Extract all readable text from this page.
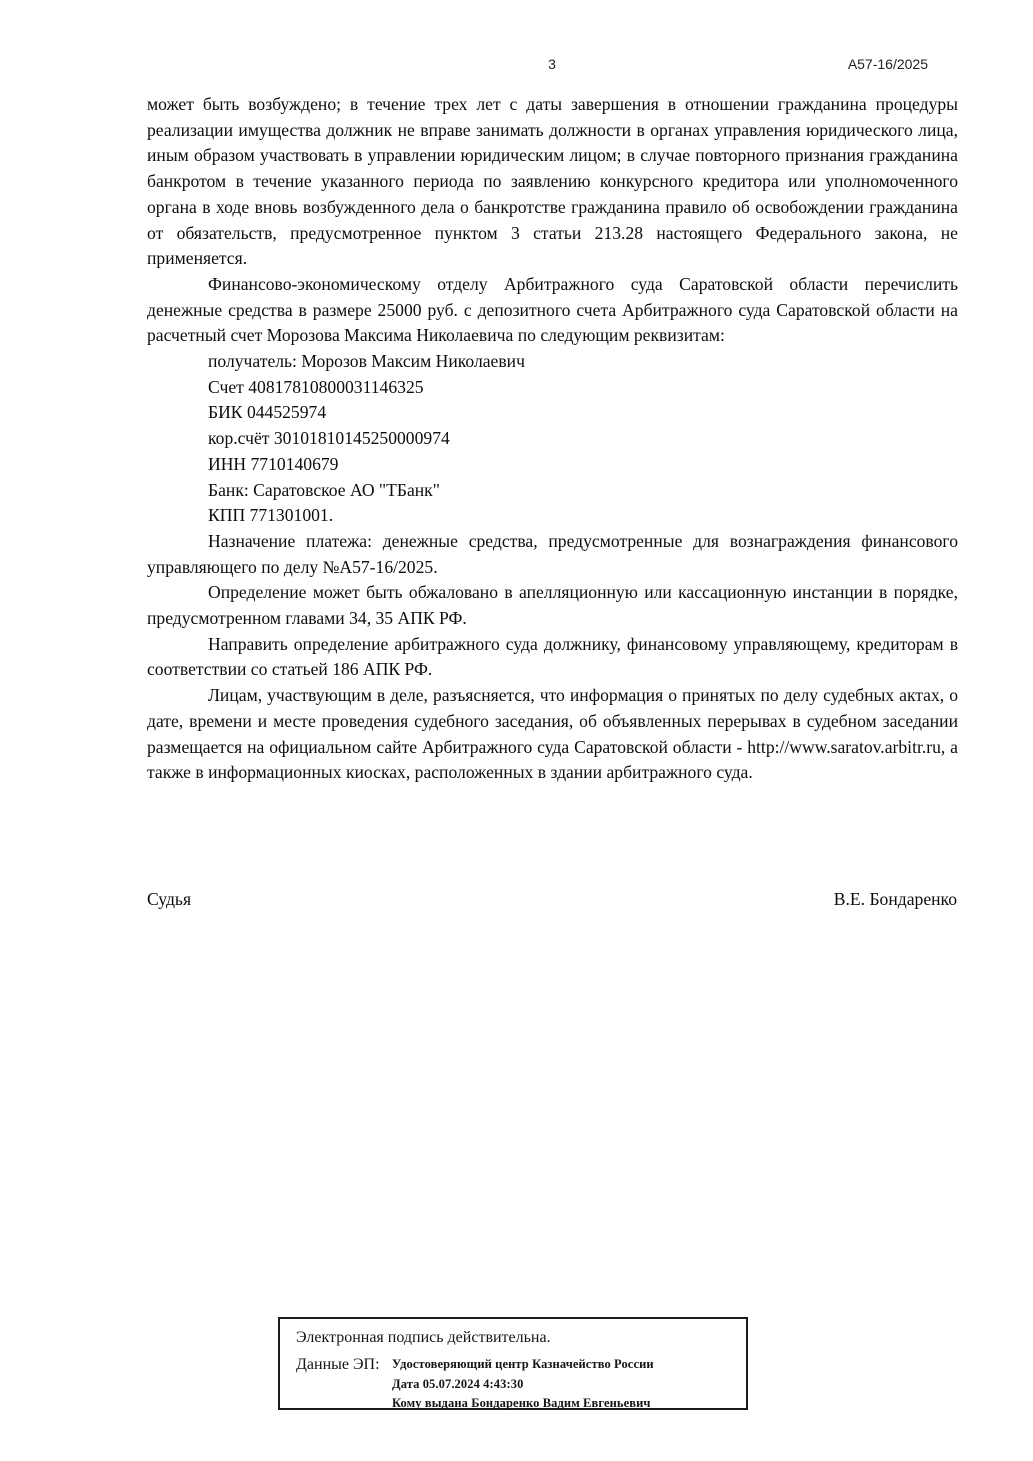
3	А57-16/2025

может быть возбуждено; в течение трех лет с даты завершения в отношении гражданина процедуры реализации имущества должник не вправе занимать должности в органах управления юридического лица, иным образом участвовать в управлении юридическим лицом; в случае повторного признания гражданина банкротом в течение указанного периода по заявлению конкурсного кредитора или уполномоченного органа в ходе вновь возбужденного дела о банкротстве гражданина правило об освобождении гражданина от обязательств, предусмотренное пунктом 3 статьи 213.28 настоящего Федерального закона, не применяется.

Финансово-экономическому отделу Арбитражного суда Саратовской области перечислить денежные средства в размере 25000 руб. с депозитного счета Арбитражного суда Саратовской области на расчетный счет Морозова Максима Николаевича по следующим реквизитам:

получатель: Морозов Максим Николаевич
Счет 40817810800031146325
БИК 044525974
кор.счёт 30101810145250000974
ИНН 7710140679
Банк: Саратовское АО "ТБанк"
КПП 771301001.

Назначение платежа: денежные средства, предусмотренные для вознаграждения финансового управляющего по делу №А57-16/2025.

Определение может быть обжаловано в апелляционную или кассационную инстанции в порядке, предусмотренном главами 34, 35 АПК РФ.

Направить определение арбитражного суда должнику, финансовому управляющему, кредиторам в соответствии со статьей 186 АПК РФ.

Лицам, участвующим в деле, разъясняется, что информация о принятых по делу судебных актах, о дате, времени и месте проведения судебного заседания, об объявленных перерывах в судебном заседании размещается на официальном сайте Арбитражного суда Саратовской области - http://www.saratov.arbitr.ru, а также в информационных киосках, расположенных в здании арбитражного суда.

Судья	В.Е. Бондаренко
Электронная подпись действительна.
Данные ЭП: Удостоверяющий центр Казначейство России
Дата 05.07.2024 4:43:30
Кому выдана Бондаренко Вадим Евгеньевич
